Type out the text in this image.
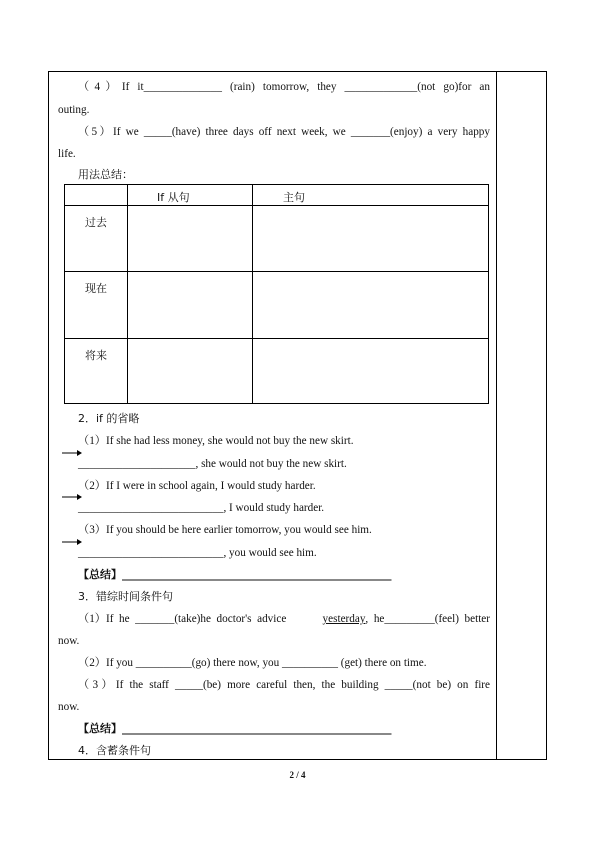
（4）If it______________ (rain) tomorrow, they _____________(not go)for an
outing.
（5）If we _____(have) three days off next week, we _______(enjoy) a very happy
life.
用法总结：
If 从句	主句
过去
现在
将来
2．if 的省略
（1）If she had less money, she would not buy the new skirt.
_____________________, she would not buy the new skirt.
（2）If I were in school again, I would study harder.
__________________________, I would study harder.
（3）If you should be here earlier tomorrow, you would see him.
__________________________, you would see him.
【总结】_________________________________________________
3．错综时间条件句
（1）If  he  _______(take)he  doctor's  advice	yesterday ,  he_________(feel)  better
now.
（2）If you __________(go) there now, you __________ (get) there on time.
（3）If the staff _____(be) more careful then, the building _____(not be) on fire
now.
【总结】_________________________________________________
4．含蓄条件句
2 / 4
